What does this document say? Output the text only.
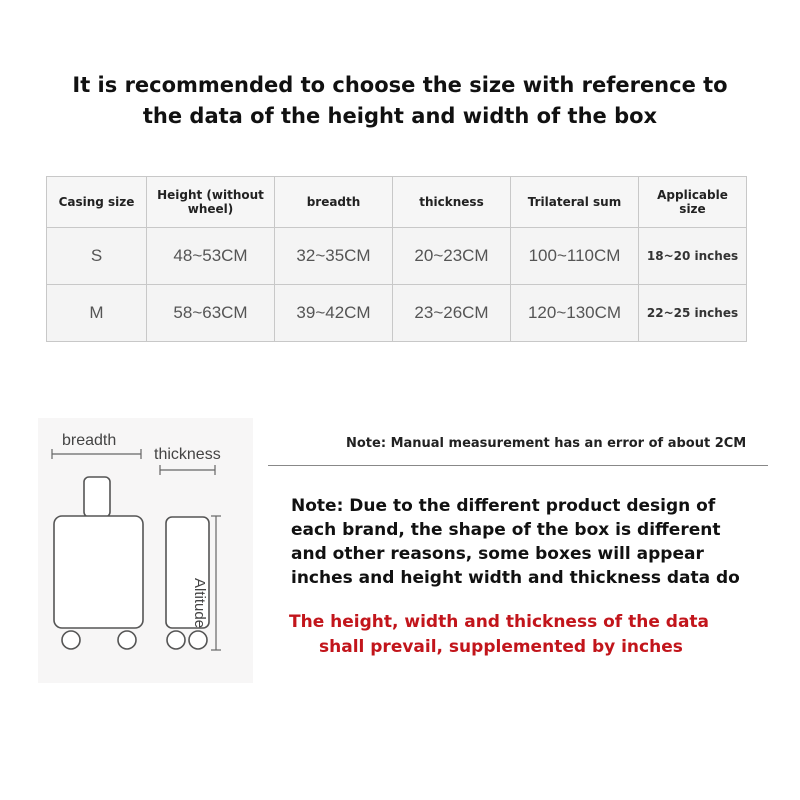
It is recommended to choose the size with reference to
the data of the height and width of the box
Casing size	Height (without wheel)	breadth	thickness	Trilateral sum	Applicable size
S	48~53CM	32~35CM	20~23CM	100~110CM	18~20 inches
M	58~63CM	39~42CM	23~26CM	120~130CM	22~25 inches
breadth
thickness
Altitude
Note: Manual measurement has an error of about 2CM
Note: Due to the different product design of
each brand, the shape of the box is different
and other reasons, some boxes will appear
inches and height width and thickness data do
The height, width and thickness of the data
shall prevail, supplemented by inches
